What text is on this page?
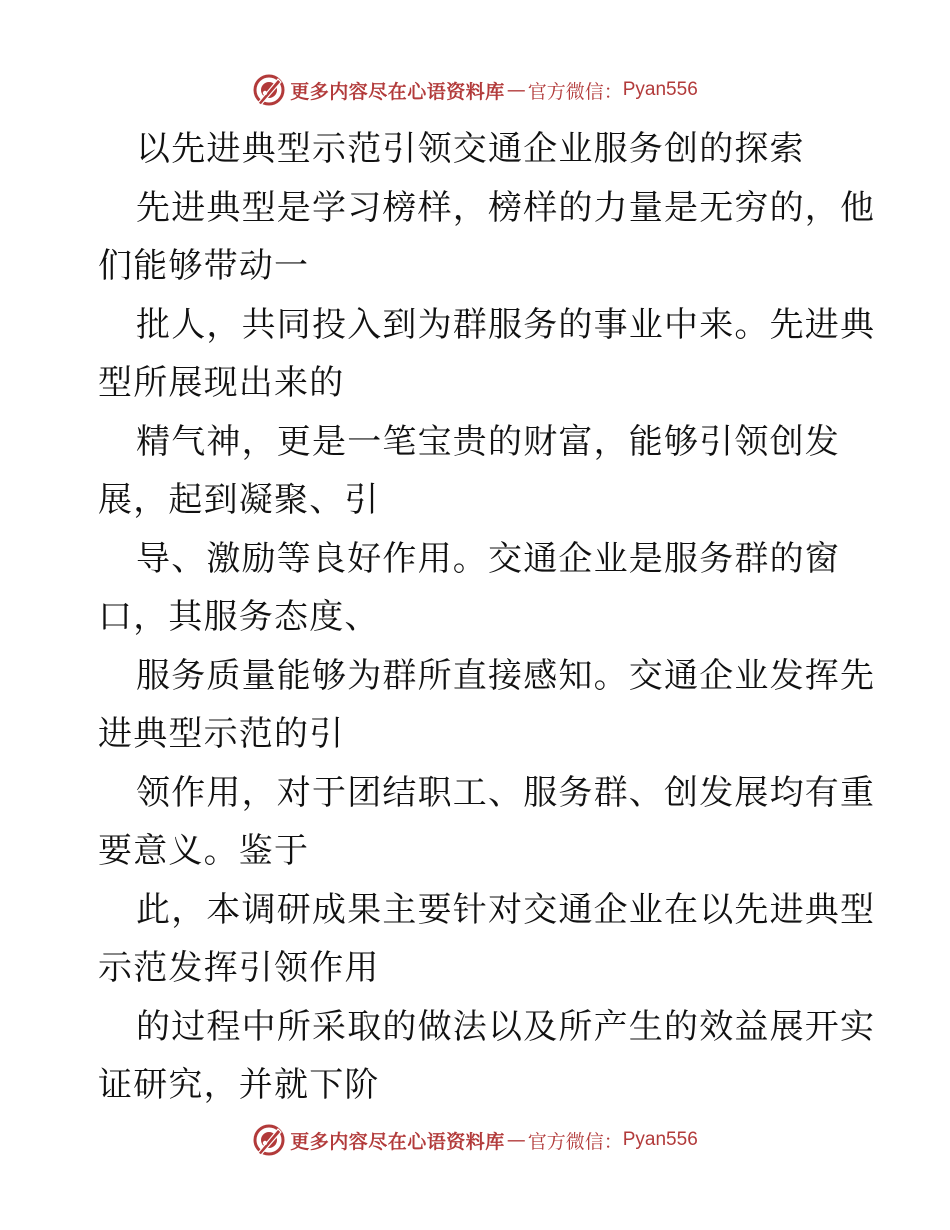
更多内容尽在心语资料库 — 官方微信： Pyan556
以先进典型示范引领交通企业服务创的探索
先进典型是学习榜样，榜样的力量是无穷的，他
们能够带动一
批人，共同投入到为群服务的事业中来。先进典
型所展现出来的
精气神，更是一笔宝贵的财富，能够引领创发
展，起到凝聚、引
导、激励等良好作用。交通企业是服务群的窗
口，其服务态度、
服务质量能够为群所直接感知。交通企业发挥先
进典型示范的引
领作用，对于团结职工、服务群、创发展均有重
要意义。鉴于
此，本调研成果主要针对交通企业在以先进典型
示范发挥引领作用
的过程中所采取的做法以及所产生的效益展开实
证研究，并就下阶
更多内容尽在心语资料库 — 官方微信： Pyan556
